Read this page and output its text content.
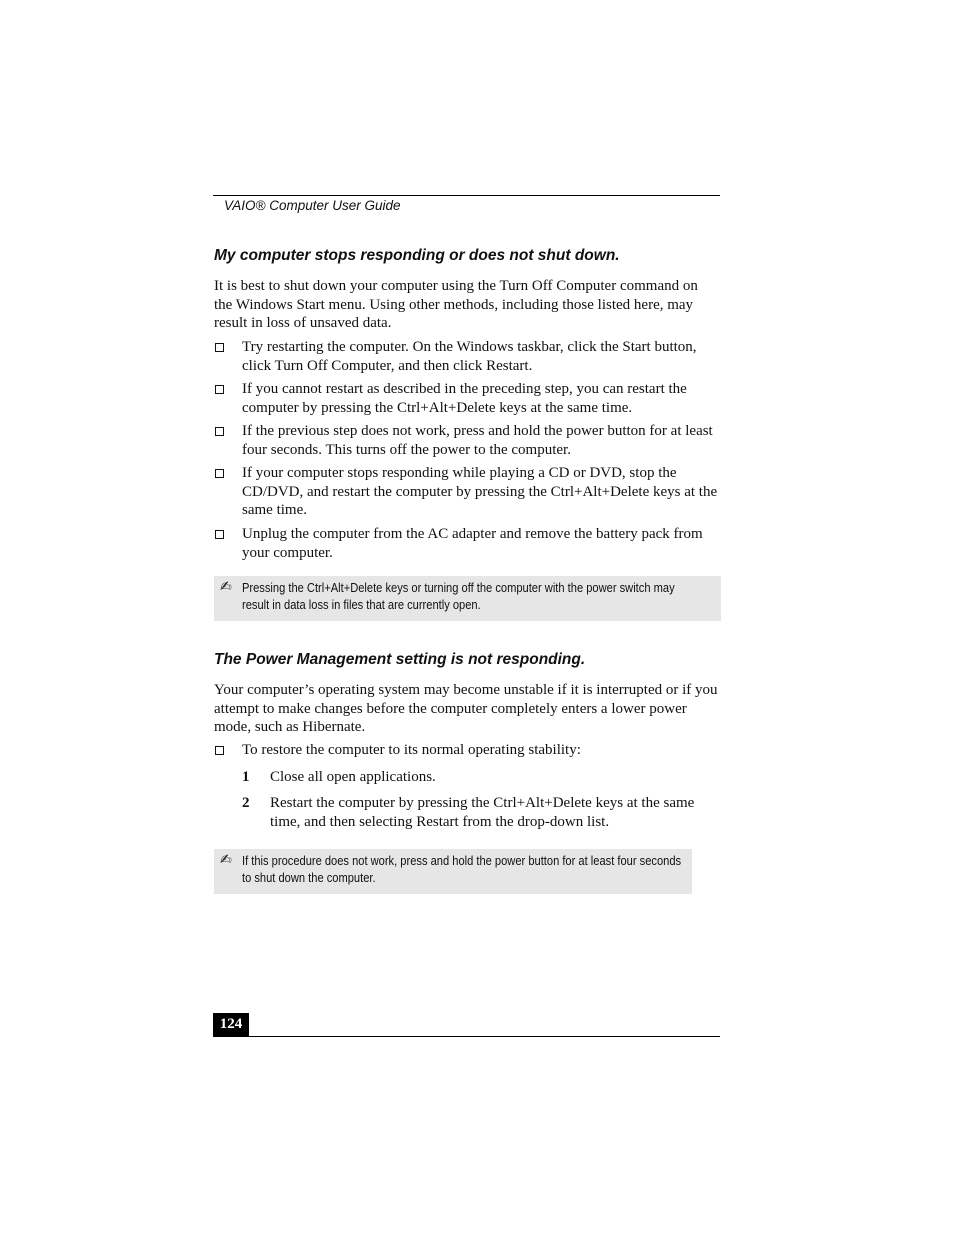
VAIO® Computer User Guide
My computer stops responding or does not shut down.
It is best to shut down your computer using the Turn Off Computer command on the Windows Start menu. Using other methods, including those listed here, may result in loss of unsaved data.
Try restarting the computer. On the Windows taskbar, click the Start button, click Turn Off Computer, and then click Restart.
If you cannot restart as described in the preceding step, you can restart the computer by pressing the Ctrl+Alt+Delete keys at the same time.
If the previous step does not work, press and hold the power button for at least four seconds. This turns off the power to the computer.
If your computer stops responding while playing a CD or DVD, stop the CD/DVD, and restart the computer by pressing the Ctrl+Alt+Delete keys at the same time.
Unplug the computer from the AC adapter and remove the battery pack from your computer.
✍ Pressing the Ctrl+Alt+Delete keys or turning off the computer with the power switch may result in data loss in files that are currently open.
The Power Management setting is not responding.
Your computer’s operating system may become unstable if it is interrupted or if you attempt to make changes before the computer completely enters a lower power mode, such as Hibernate.
To restore the computer to its normal operating stability:
1 Close all open applications.
2 Restart the computer by pressing the Ctrl+Alt+Delete keys at the same time, and then selecting Restart from the drop-down list.
✍ If this procedure does not work, press and hold the power button for at least four seconds to shut down the computer.
124
